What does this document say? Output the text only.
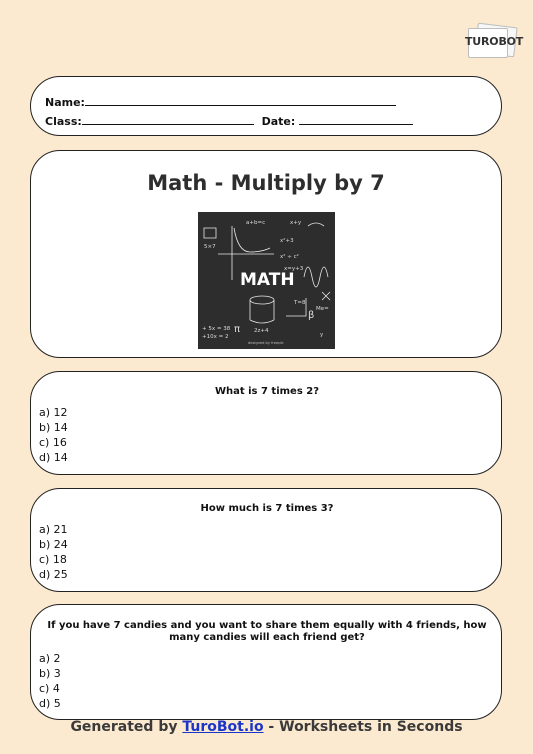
TUROBOT
Name:
Class:	Date:
Math - Multiply by 7
a+b=c	x+y
5×7
x²+3
π
β
2z+4
x² ÷ c²
+ 5x = 38
+10x = 2
Me=
y
x=y+3
T=8
MATH
designed by freepik
What is 7 times 2?
a) 12
b) 14
c) 16
d) 14
How much is 7 times 3?
a) 21
b) 24
c) 18
d) 25
If you have 7 candies and you want to share them equally with 4 friends, how many candies will each friend get?
a) 2
b) 3
c) 4
d) 5
Generated by TuroBot.io - Worksheets in Seconds
